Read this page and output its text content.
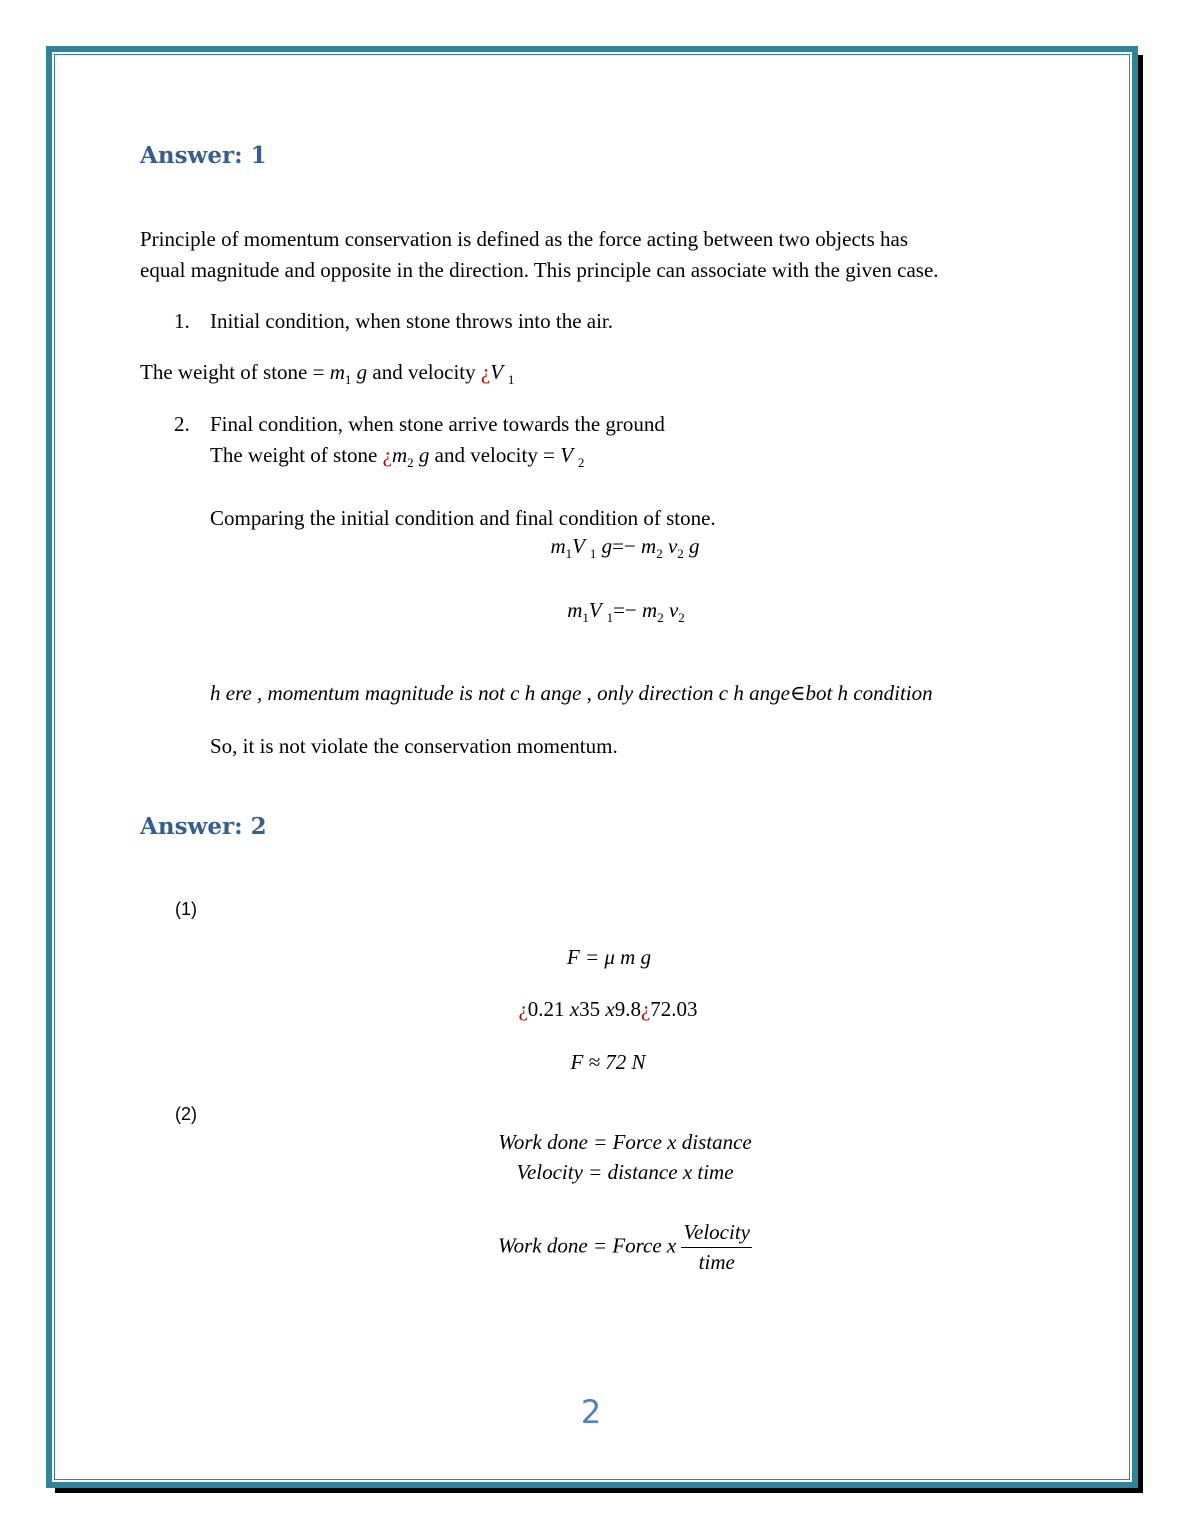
Answer: 1
Principle of momentum conservation is defined as the force acting between two objects has
equal magnitude and opposite in the direction. This principle can associate with the given case.
1. Initial condition, when stone throws into the air.
The weight of stone = $m_1$ g and velocity ¿V $_1$
2. Final condition, when stone arrive towards the ground
The weight of stone ¿$m_2$ g and velocity = V $_2$
Comparing the initial condition and final condition of stone.
$m_1V$ $_1$ $g=- m_2$ $v_2$ g
$m_1V$ $_1=- m_2$ $v_2$
h ere , momentum magnitude is not c h ange , only direction c h ange∈bot h condition
So, it is not violate the conservation momentum.
Answer: 2
(1)
F = μ m g
¿0.21 x35 x9.8¿72.03
F ≈ 72 N
(2)
Work done = Force x distance
Velocity = distance x time
Work done = Force x $\frac{\text{Velocity}}{\text{time}}$
2
